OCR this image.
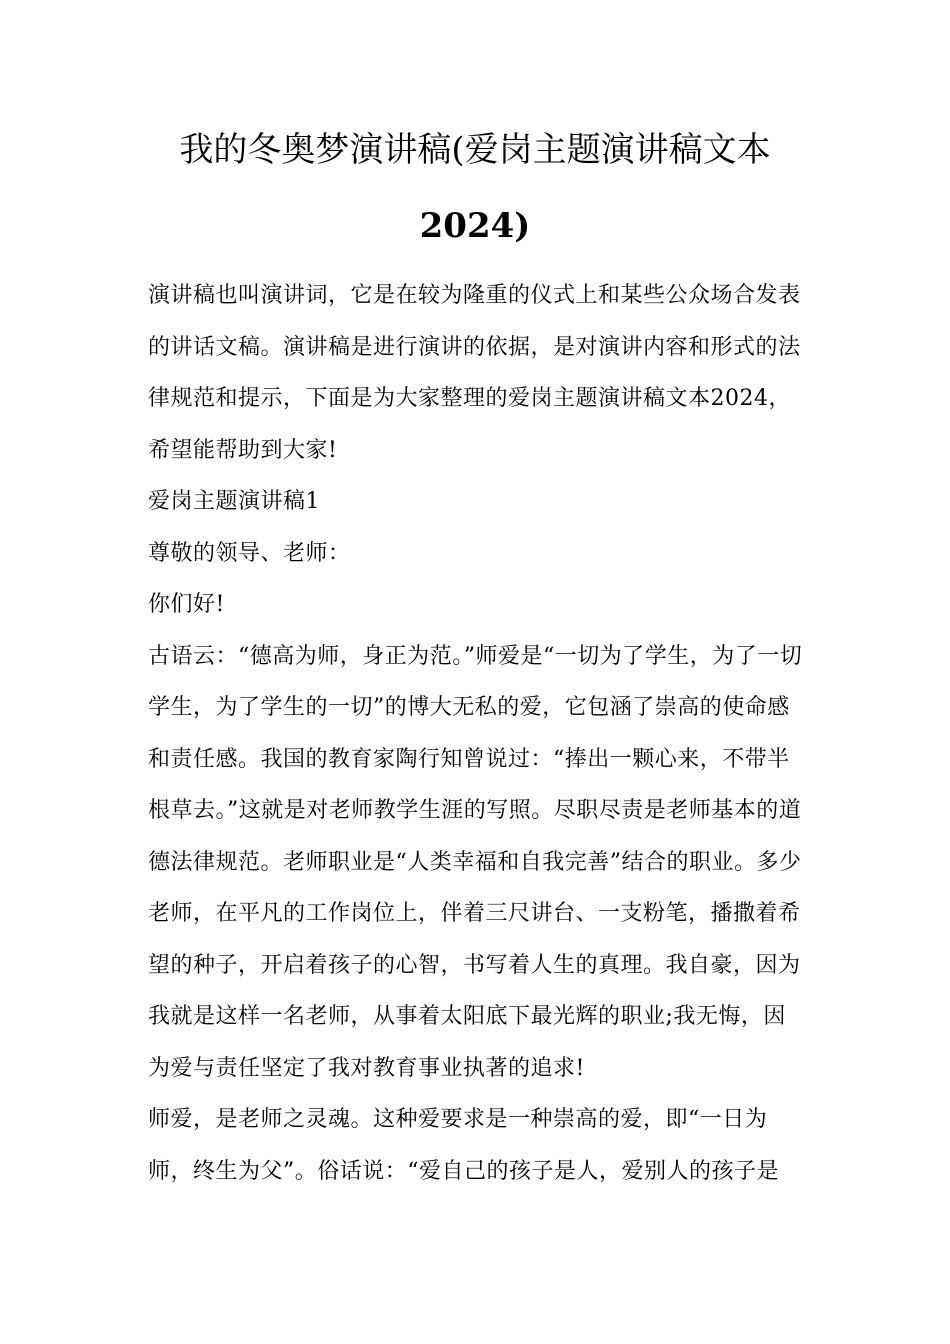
我的冬奥梦演讲稿(爱岗主题演讲稿文本
2024)

演讲稿也叫演讲词，它是在较为隆重的仪式上和某些公众场合发表的讲话文稿。演讲稿是进行演讲的依据，是对演讲内容和形式的法律规范和提示，下面是为大家整理的爱岗主题演讲稿文本2024，希望能帮助到大家!

爱岗主题演讲稿1

尊敬的领导、老师：

你们好!

古语云：“德高为师，身正为范。”师爱是“一切为了学生，为了一切学生，为了学生的一切”的博大无私的爱，它包涵了崇高的使命感和责任感。我国的教育家陶行知曾说过：“捧出一颗心来，不带半根草去。”这就是对老师教学生涯的写照。尽职尽责是老师基本的道德法律规范。老师职业是“人类幸福和自我完善”结合的职业。多少老师，在平凡的工作岗位上，伴着三尺讲台、一支粉笔，播撒着希望的种子，开启着孩子的心智，书写着人生的真理。我自豪，因为我就是这样一名老师，从事着太阳底下最光辉的职业;我无悔，因为爱与责任坚定了我对教育事业执著的追求!

师爱，是老师之灵魂。这种爱要求是一种崇高的爱，即“一日为师，终生为父”。俗话说：“爱自己的孩子是人，爱别人的孩子是
